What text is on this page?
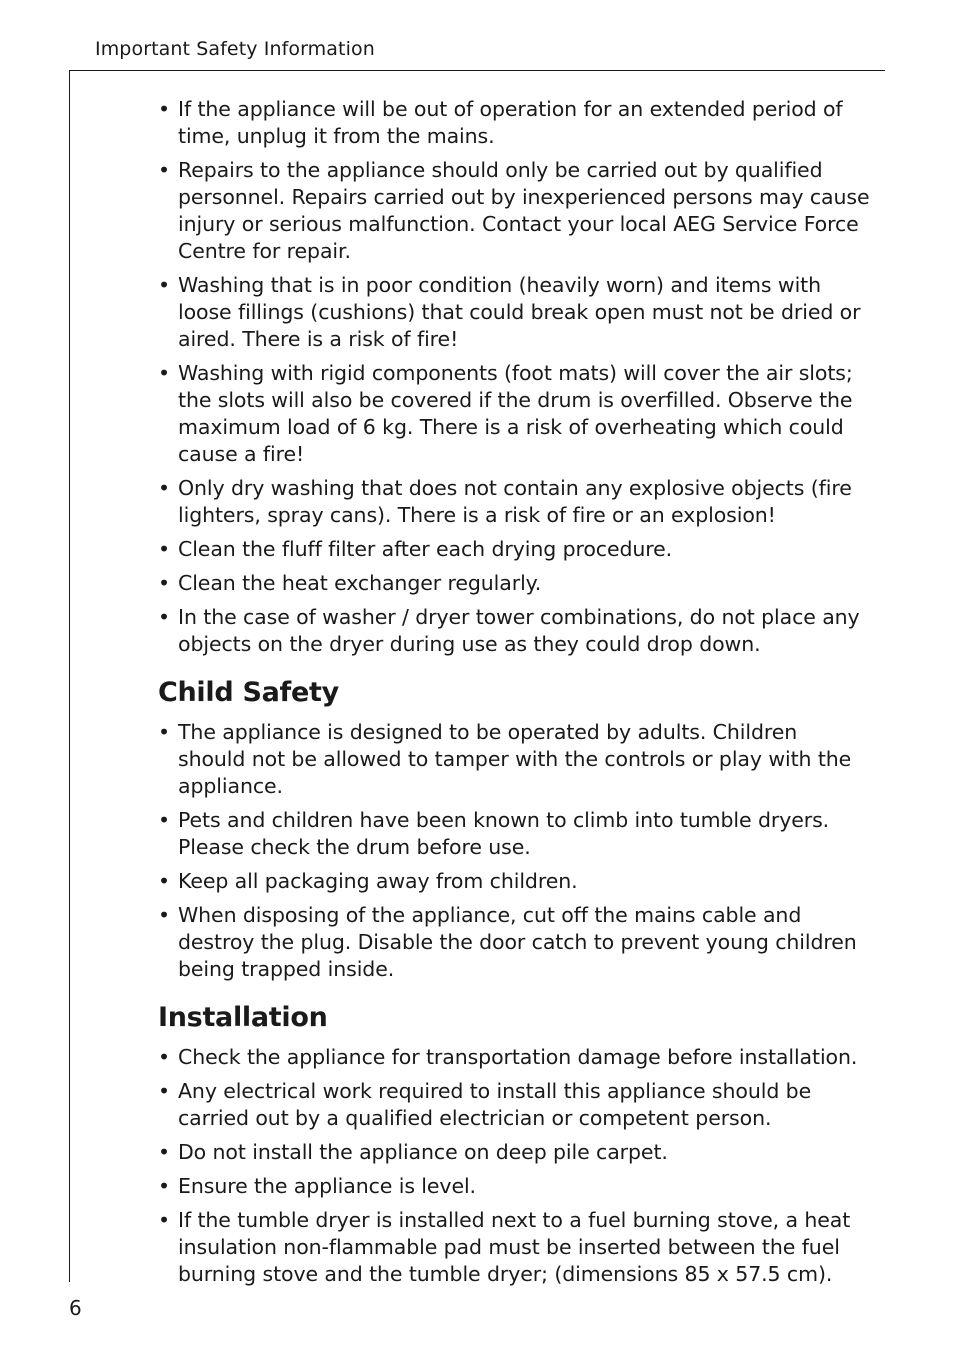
Important Safety Information
• If the appliance will be out of operation for an extended period of time, unplug it from the mains.
• Repairs to the appliance should only be carried out by qualified personnel. Repairs carried out by inexperienced persons may cause injury or serious malfunction. Contact your local AEG Service Force Centre for repair.
• Washing that is in poor condition (heavily worn) and items with loose fillings (cushions) that could break open must not be dried or aired. There is a risk of fire!
• Washing with rigid components (foot mats) will cover the air slots; the slots will also be covered if the drum is overfilled. Observe the maximum load of 6 kg. There is a risk of overheating which could cause a fire!
• Only dry washing that does not contain any explosive objects (fire lighters, spray cans). There is a risk of fire or an explosion!
• Clean the fluff filter after each drying procedure.
• Clean the heat exchanger regularly.
• In the case of washer / dryer tower combinations, do not place any objects on the dryer during use as they could drop down.
Child Safety
• The appliance is designed to be operated by adults. Children should not be allowed to tamper with the controls or play with the appliance.
• Pets and children have been known to climb into tumble dryers. Please check the drum before use.
• Keep all packaging away from children.
• When disposing of the appliance, cut off the mains cable and destroy the plug. Disable the door catch to prevent young children being trapped inside.
Installation
• Check the appliance for transportation damage before installation.
• Any electrical work required to install this appliance should be carried out by a qualified electrician or competent person.
• Do not install the appliance on deep pile carpet.
• Ensure the appliance is level.
• If the tumble dryer is installed next to a fuel burning stove, a heat insulation non-flammable pad must be inserted between the fuel burning stove and the tumble dryer; (dimensions 85 x 57.5 cm).
6
